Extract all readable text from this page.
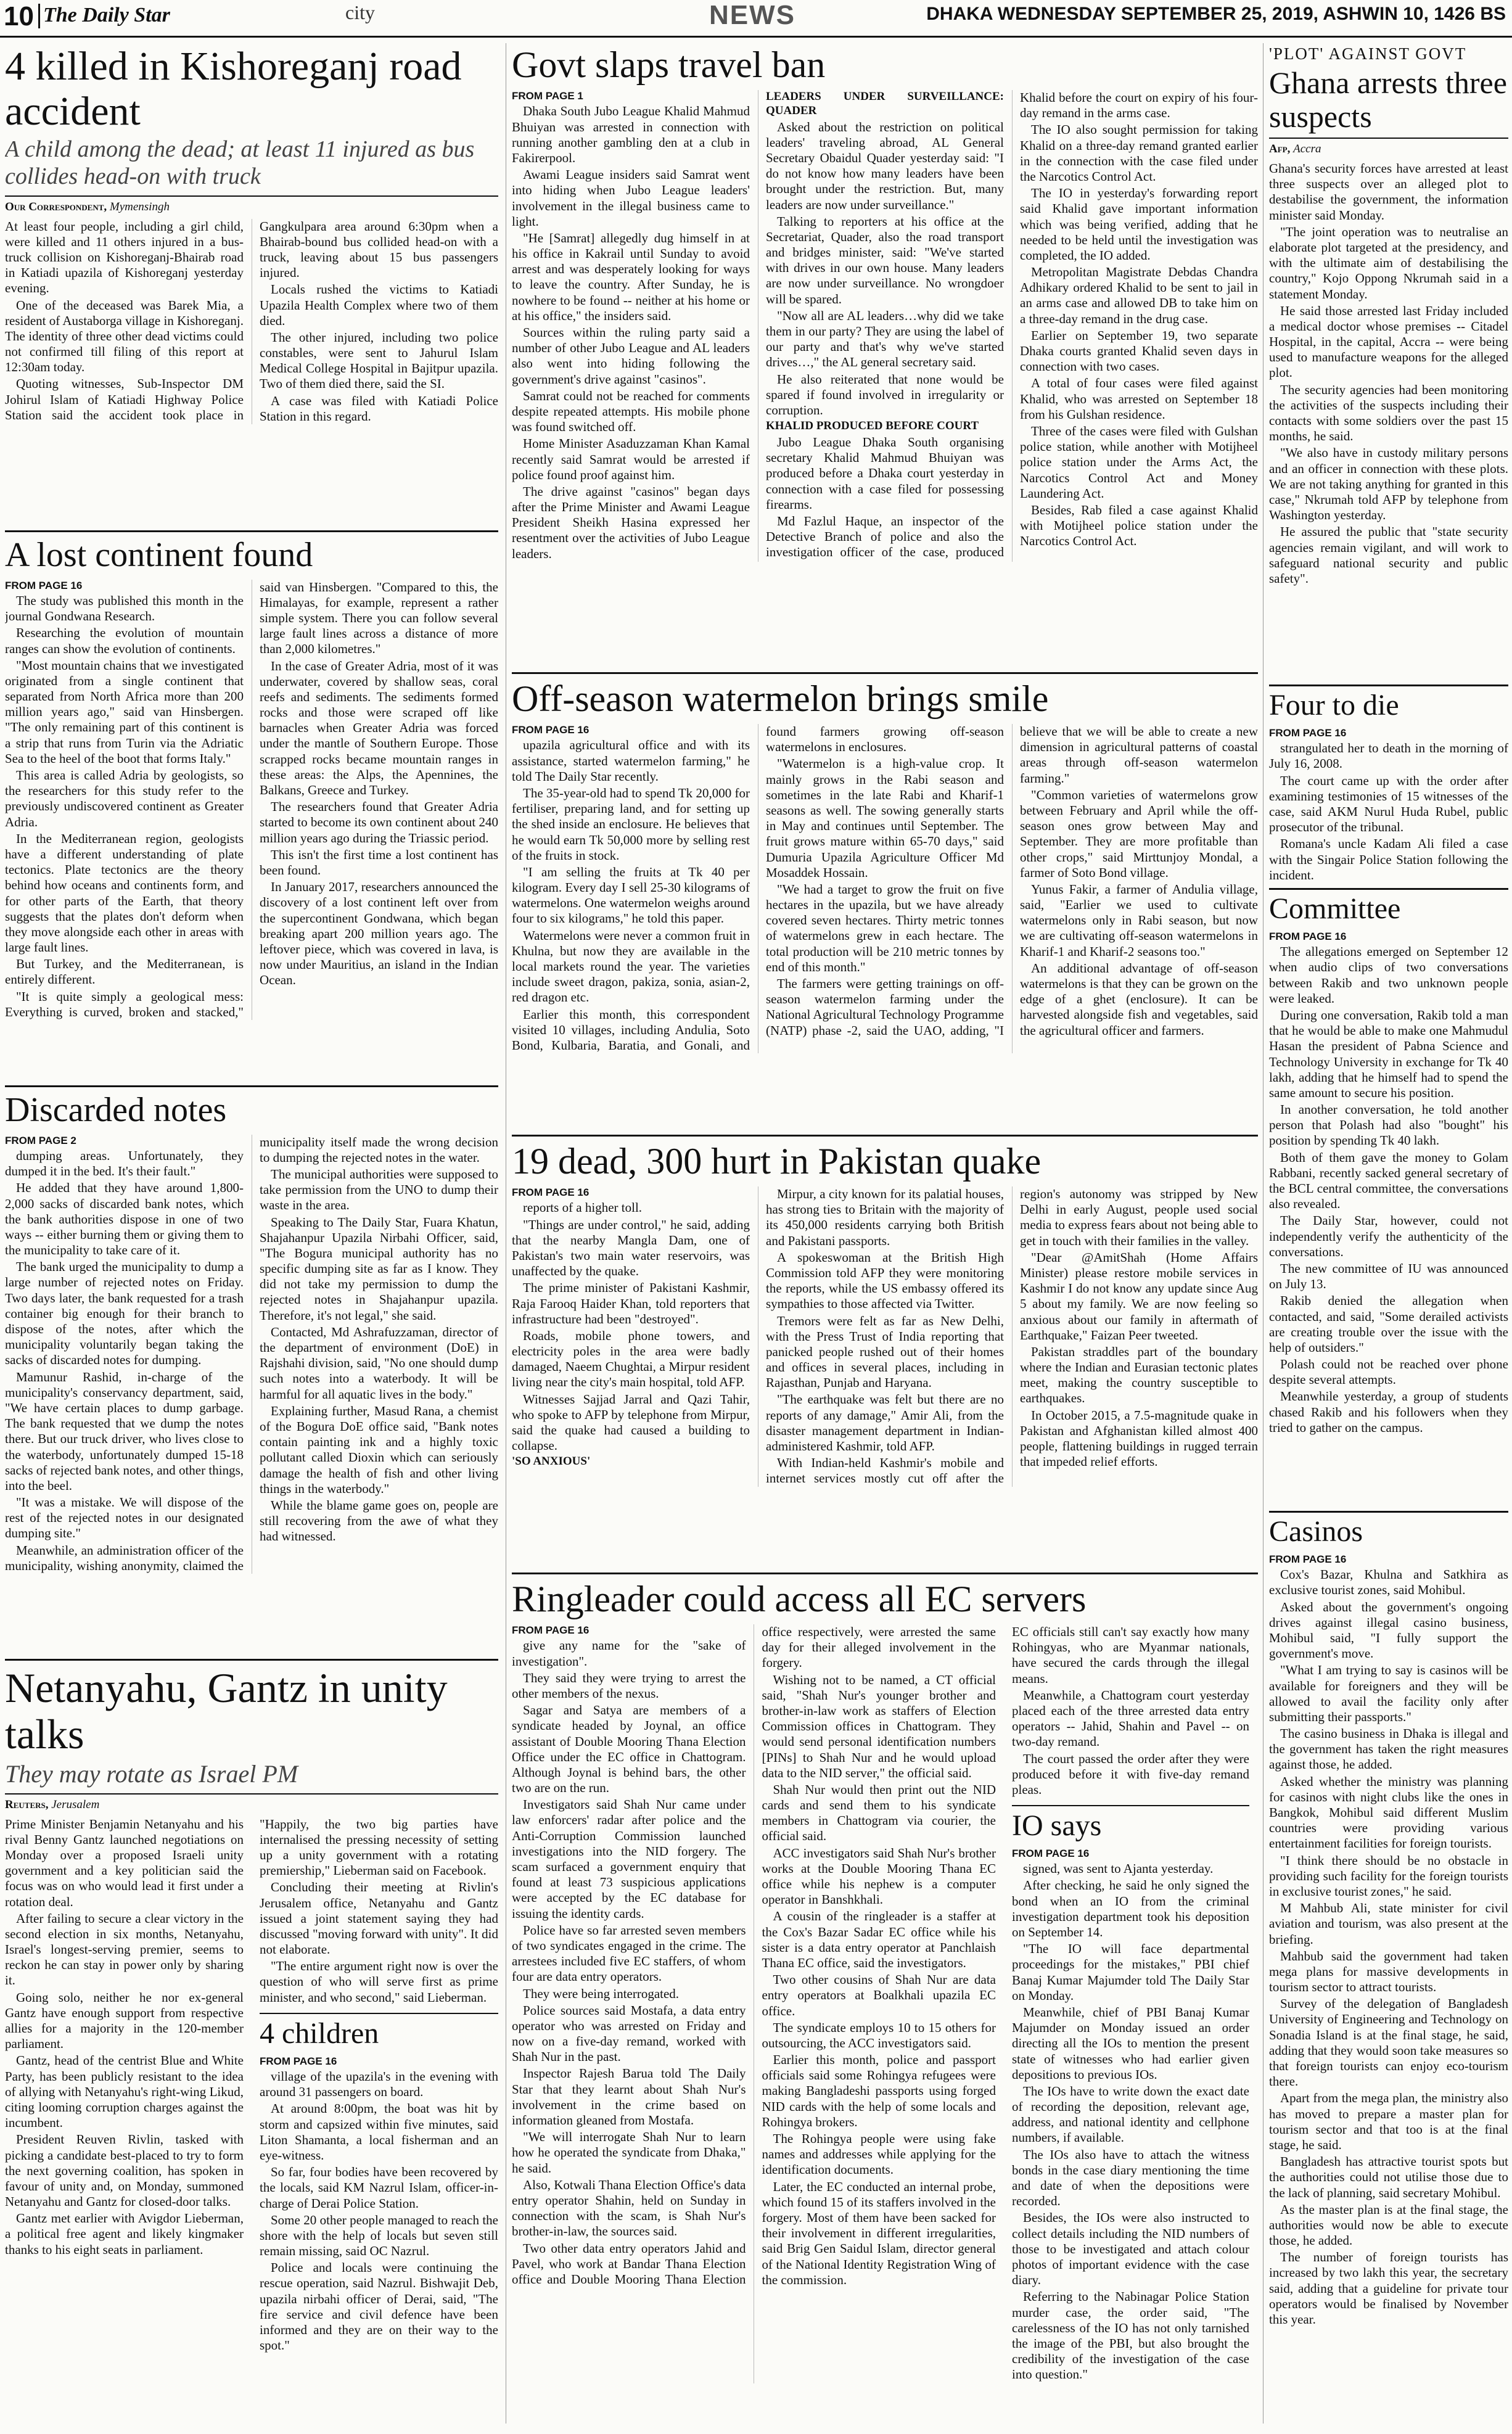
10 The Daily Star	city	NEWS	DHAKA WEDNESDAY SEPTEMBER 25, 2019, ASHWIN 10, 1426 BS
4 killed in Kishoreganj road accident
A child among the dead; at least 11 injured as bus collides head-on with truck
Our Correspondent, Mymensingh

At least four people, including a girl child, were killed and 11 others injured in a bus-truck collision on Kishoreganj-Bhairab road in Katiadi upazila of Kishoreganj yesterday evening.

One of the deceased was Barek Mia, a resident of Austaborga village in Kishoreganj. The identity of three other dead victims could not confirmed till filing of this report at 12:30am today.

Quoting witnesses, Sub-Inspector DM Johirul Islam of Katiadi Highway Police Station said the accident took place in Gangkulpara area around 6:30pm when a Bhairab-bound bus collided head-on with a truck, leaving about 15 bus passengers injured.

Locals rushed the victims to Katiadi Upazila Health Complex where two of them died.

The other injured, including two police constables, were sent to Jahurul Islam Medical College Hospital in Bajitpur upazila. Two of them died there, said the SI.

A case was filed with Katiadi Police Station in this regard.

A lost continent found

FROM PAGE 16

The study was published this month in the journal Gondwana Research.

Researching the evolution of mountain ranges can show the evolution of continents.

"Most mountain chains that we investigated originated from a single continent that separated from North Africa more than 200 million years ago," said van Hinsbergen. "The only remaining part of this continent is a strip that runs from Turin via the Adriatic Sea to the heel of the boot that forms Italy."

This area is called Adria by geologists, so the researchers for this study refer to the previously undiscovered continent as Greater Adria.

In the Mediterranean region, geologists have a different understanding of plate tectonics. Plate tectonics are the theory behind how oceans and continents form, and for other parts of the Earth, that theory suggests that the plates don't deform when they move alongside each other in areas with large fault lines.

But Turkey, and the Mediterranean, is entirely different.

"It is quite simply a geological mess: Everything is curved, broken and stacked," said van Hinsbergen. "Compared to this, the Himalayas, for example, represent a rather simple system. There you can follow several large fault lines across a distance of more than 2,000 kilometres."

In the case of Greater Adria, most of it was underwater, covered by shallow seas, coral reefs and sediments. The sediments formed rocks and those were scraped off like barnacles when Greater Adria was forced under the mantle of Southern Europe. Those scrapped rocks became mountain ranges in these areas: the Alps, the Apennines, the Balkans, Greece and Turkey.

The researchers found that Greater Adria started to become its own continent about 240 million years ago during the Triassic period.

This isn't the first time a lost continent has been found.

In January 2017, researchers announced the discovery of a lost continent left over from the supercontinent Gondwana, which began breaking apart 200 million years ago. The leftover piece, which was covered in lava, is now under Mauritius, an island in the Indian Ocean.

Discarded notes

FROM PAGE 2

dumping areas. Unfortunately, they dumped it in the bed. It's their fault."

He added that they have around 1,800-2,000 sacks of discarded bank notes, which the bank authorities dispose in one of two ways -- either burning them or giving them to the municipality to take care of it.

The bank urged the municipality to dump a large number of rejected notes on Friday. Two days later, the bank requested for a trash container big enough for their branch to dispose of the notes, after which the municipality voluntarily began taking the sacks of discarded notes for dumping.

Mamunur Rashid, in-charge of the municipality's conservancy department, said, "We have certain places to dump garbage. The bank requested that we dump the notes there. But our truck driver, who lives close to the waterbody, unfortunately dumped 15-18 sacks of rejected bank notes, and other things, into the beel.

"It was a mistake. We will dispose of the rest of the rejected notes in our designated dumping site."

Meanwhile, an administration officer of the municipality, wishing anonymity, claimed the municipality itself made the wrong decision to dumping the rejected notes in the water.

The municipal authorities were supposed to take permission from the UNO to dump their waste in the area.

Speaking to The Daily Star, Fuara Khatun, Shajahanpur Upazila Nirbahi Officer, said, "The Bogura municipal authority has no specific dumping site as far as I know. They did not take my permission to dump the rejected notes in Shajahanpur upazila. Therefore, it's not legal," she said.

Contacted, Md Ashrafuzzaman, director of the department of environment (DoE) in Rajshahi division, said, "No one should dump such notes into a waterbody. It will be harmful for all aquatic lives in the body."

Explaining further, Masud Rana, a chemist of the Bogura DoE office said, "Bank notes contain painting ink and a highly toxic pollutant called Dioxin which can seriously damage the health of fish and other living things in the waterbody."

While the blame game goes on, people are still recovering from the awe of what they had witnessed.

Netanyahu, Gantz in unity talks
They may rotate as Israel PM
Reuters, Jerusalem

Prime Minister Benjamin Netanyahu and his rival Benny Gantz launched negotiations on Monday over a proposed Israeli unity government and a key politician said the focus was on who would lead it first under a rotation deal.

After failing to secure a clear victory in the second election in six months, Netanyahu, Israel's longest-serving premier, seems to reckon he can stay in power only by sharing it.

Going solo, neither he nor ex-general Gantz have enough support from respective allies for a majority in the 120-member parliament.

Gantz, head of the centrist Blue and White Party, has been publicly resistant to the idea of allying with Netanyahu's right-wing Likud, citing looming corruption charges against the incumbent.

President Reuven Rivlin, tasked with picking a candidate best-placed to try to form the next governing coalition, has spoken in favour of unity and, on Monday, summoned Netanyahu and Gantz for closed-door talks.

Gantz met earlier with Avigdor Lieberman, a political free agent and likely kingmaker thanks to his eight seats in parliament.

"Happily, the two big parties have internalised the pressing necessity of setting up a unity government with a rotating premiership," Lieberman said on Facebook.

Concluding their meeting at Rivlin's Jerusalem office, Netanyahu and Gantz issued a joint statement saying they had discussed "moving forward with unity". It did not elaborate.

"The entire argument right now is over the question of who will serve first as prime minister, and who second," said Lieberman.

4 children

FROM PAGE 16

village of the upazila's in the evening with around 31 passengers on board.

At around 8:00pm, the boat was hit by storm and capsized within five minutes, said Liton Shamanta, a local fisherman and an eye-witness.

So far, four bodies have been recovered by the locals, said KM Nazrul Islam, officer-in-charge of Derai Police Station.

Some 20 other people managed to reach the shore with the help of locals but seven still remain missing, said OC Nazrul.

Police and locals were continuing the rescue operation, said Nazrul. Bishwajit Deb, upazila nirbahi officer of Derai, said, "The fire service and civil defence have been informed and they are on their way to the spot."

Govt slaps travel ban

FROM PAGE 1

Dhaka South Jubo League Khalid Mahmud Bhuiyan was arrested in connection with running another gambling den at a club in Fakirerpool.

Awami League insiders said Samrat went into hiding when Jubo League leaders' involvement in the illegal business came to light.

"He [Samrat] allegedly dug himself in at his office in Kakrail until Sunday to avoid arrest and was desperately looking for ways to leave the country. After Sunday, he is nowhere to be found -- neither at his home or at his office," the insiders said.

Sources within the ruling party said a number of other Jubo League and AL leaders also went into hiding following the government's drive against "casinos".

Samrat could not be reached for comments despite repeated attempts. His mobile phone was found switched off.

Home Minister Asaduzzaman Khan Kamal recently said Samrat would be arrested if police found proof against him.

The drive against "casinos" began days after the Prime Minister and Awami League President Sheikh Hasina expressed her resentment over the activities of Jubo League leaders.

LEADERS UNDER SURVEILLANCE: QUADER

Asked about the restriction on political leaders' traveling abroad, AL General Secretary Obaidul Quader yesterday said: "I do not know how many leaders have been brought under the restriction. But, many leaders are now under surveillance."

Talking to reporters at his office at the Secretariat, Quader, also the road transport and bridges minister, said: "We've started with drives in our own house. Many leaders are now under surveillance. No wrongdoer will be spared.

"Now all are AL leaders…why did we take them in our party? They are using the label of our party and that's why we've started drives…," the AL general secretary said.

He also reiterated that none would be spared if found involved in irregularity or corruption.

KHALID PRODUCED BEFORE COURT

Jubo League Dhaka South organising secretary Khalid Mahmud Bhuiyan was produced before a Dhaka court yesterday in connection with a case filed for possessing firearms.

Md Fazlul Haque, an inspector of the Detective Branch of police and also the investigation officer of the case, produced Khalid before the court on expiry of his four-day remand in the arms case.

The IO also sought permission for taking Khalid on a three-day remand granted earlier in the connection with the case filed under the Narcotics Control Act.

The IO in yesterday's forwarding report said Khalid gave important information which was being verified, adding that he needed to be held until the investigation was completed, the IO added.

Metropolitan Magistrate Debdas Chandra Adhikary ordered Khalid to be sent to jail in an arms case and allowed DB to take him on a three-day remand in the drug case.

Earlier on September 19, two separate Dhaka courts granted Khalid seven days in connection with two cases.

A total of four cases were filed against Khalid, who was arrested on September 18 from his Gulshan residence.

Three of the cases were filed with Gulshan police station, while another with Motijheel police station under the Arms Act, the Narcotics Control Act and Money Laundering Act.

Besides, Rab filed a case against Khalid with Motijheel police station under the Narcotics Control Act.

Off-season watermelon brings smile

FROM PAGE 16

upazila agricultural office and with its assistance, started watermelon farming," he told The Daily Star recently.

The 35-year-old had to spend Tk 20,000 for fertiliser, preparing land, and for setting up the shed inside an enclosure. He believes that he would earn Tk 50,000 more by selling rest of the fruits in stock.

"I am selling the fruits at Tk 40 per kilogram. Every day I sell 25-30 kilograms of watermelons. One watermelon weighs around four to six kilograms," he told this paper.

Watermelons were never a common fruit in Khulna, but now they are available in the local markets round the year. The varieties include sweet dragon, pakiza, sonia, asian-2, red dragon etc.

Earlier this month, this correspondent visited 10 villages, including Andulia, Soto Bond, Kulbaria, Baratia, and Gonali, and found farmers growing off-season watermelons in enclosures.

"Watermelon is a high-value crop. It mainly grows in the Rabi season and sometimes in the late Rabi and Kharif-1 seasons as well. The sowing generally starts in May and continues until September. The fruit grows mature within 65-70 days," said Dumuria Upazila Agriculture Officer Md Mosaddek Hossain.

"We had a target to grow the fruit on five hectares in the upazila, but we have already covered seven hectares. Thirty metric tonnes of watermelons grew in each hectare. The total production will be 210 metric tonnes by end of this month."

The farmers were getting trainings on off-season watermelon farming under the National Agricultural Technology Programme (NATP) phase -2, said the UAO, adding, "I believe that we will be able to create a new dimension in agricultural patterns of coastal areas through off-season watermelon farming."

"Common varieties of watermelons grow between February and April while the off-season ones grow between May and September. They are more profitable than other crops," said Mirttunjoy Mondal, a farmer of Soto Bond village.

Yunus Fakir, a farmer of Andulia village, said, "Earlier we used to cultivate watermelons only in Rabi season, but now we are cultivating off-season watermelons in Kharif-1 and Kharif-2 seasons too."

An additional advantage of off-season watermelons is that they can be grown on the edge of a ghet (enclosure). It can be harvested alongside fish and vegetables, said the agricultural officer and farmers.

19 dead, 300 hurt in Pakistan quake

FROM PAGE 16

reports of a higher toll.

"Things are under control," he said, adding that the nearby Mangla Dam, one of Pakistan's two main water reservoirs, was unaffected by the quake.

The prime minister of Pakistani Kashmir, Raja Farooq Haider Khan, told reporters that infrastructure had been "destroyed".

Roads, mobile phone towers, and electricity poles in the area were badly damaged, Naeem Chughtai, a Mirpur resident living near the city's main hospital, told AFP.

Witnesses Sajjad Jarral and Qazi Tahir, who spoke to AFP by telephone from Mirpur, said the quake had caused a building to collapse.

'SO ANXIOUS'

Mirpur, a city known for its palatial houses, has strong ties to Britain with the majority of its 450,000 residents carrying both British and Pakistani passports.

A spokeswoman at the British High Commission told AFP they were monitoring the reports, while the US embassy offered its sympathies to those affected via Twitter.

Tremors were felt as far as New Delhi, with the Press Trust of India reporting that panicked people rushed out of their homes and offices in several places, including in Rajasthan, Punjab and Haryana.

"The earthquake was felt but there are no reports of any damage," Amir Ali, from the disaster management department in Indian-administered Kashmir, told AFP.

With Indian-held Kashmir's mobile and internet services mostly cut off after the region's autonomy was stripped by New Delhi in early August, people used social media to express fears about not being able to get in touch with their families in the valley.

"Dear @AmitShah (Home Affairs Minister) please restore mobile services in Kashmir I do not know any update since Aug 5 about my family. We are now feeling so anxious about our family in aftermath of Earthquake," Faizan Peer tweeted.

Pakistan straddles part of the boundary where the Indian and Eurasian tectonic plates meet, making the country susceptible to earthquakes.

In October 2015, a 7.5-magnitude quake in Pakistan and Afghanistan killed almost 400 people, flattening buildings in rugged terrain that impeded relief efforts.

Ringleader could access all EC servers

FROM PAGE 16

give any name for the "sake of investigation".

They said they were trying to arrest the other members of the nexus.

Sagar and Satya are members of a syndicate headed by Joynal, an office assistant of Double Mooring Thana Election Office under the EC office in Chattogram. Although Joynal is behind bars, the other two are on the run.

Investigators said Shah Nur came under law enforcers' radar after police and the Anti-Corruption Commission launched investigations into the NID forgery. The scam surfaced a government enquiry that found at least 73 suspicious applications were accepted by the EC database for issuing the identity cards.

Police have so far arrested seven members of two syndicates engaged in the crime. The arrestees included five EC staffers, of whom four are data entry operators.

They were being interrogated.

Police sources said Mostafa, a data entry operator who was arrested on Friday and now on a five-day remand, worked with Shah Nur in the past.

Inspector Rajesh Barua told The Daily Star that they learnt about Shah Nur's involvement in the crime based on information gleaned from Mostafa.

"We will interrogate Shah Nur to learn how he operated the syndicate from Dhaka," he said.

Also, Kotwali Thana Election Office's data entry operator Shahin, held on Sunday in connection with the scam, is Shah Nur's brother-in-law, the sources said.

Two other data entry operators Jahid and Pavel, who work at Bandar Thana Election office and Double Mooring Thana Election office respectively, were arrested the same day for their alleged involvement in the forgery.

Wishing not to be named, a CT official said, "Shah Nur's younger brother and brother-in-law work as staffers of Election Commission offices in Chattogram. They would send personal identification numbers [PINs] to Shah Nur and he would upload data to the NID server," the official said.

Shah Nur would then print out the NID cards and send them to his syndicate members in Chattogram via courier, the official said.

ACC investigators said Shah Nur's brother works at the Double Mooring Thana EC office while his nephew is a computer operator in Banshkhali.

A cousin of the ringleader is a staffer at the Cox's Bazar Sadar EC office while his sister is a data entry operator at Panchlaish Thana EC office, said the investigators.

Two other cousins of Shah Nur are data entry operators at Boalkhali upazila EC office.

The syndicate employs 10 to 15 others for outsourcing, the ACC investigators said.

Earlier this month, police and passport officials said some Rohingya refugees were making Bangladeshi passports using forged NID cards with the help of some locals and Rohingya brokers.

The Rohingya people were using fake names and addresses while applying for the identification documents.

Later, the EC conducted an internal probe, which found 15 of its staffers involved in the forgery. Most of them have been sacked for their involvement in different irregularities, said Brig Gen Saidul Islam, director general of the National Identity Registration Wing of the commission.

EC officials still can't say exactly how many Rohingyas, who are Myanmar nationals, have secured the cards through the illegal means.

Meanwhile, a Chattogram court yesterday placed each of the three arrested data entry operators -- Jahid, Shahin and Pavel -- on two-day remand.

The court passed the order after they were produced before it with five-day remand pleas.

IO says

FROM PAGE 16

signed, was sent to Ajanta yesterday.

After checking, he said he only signed the bond when an IO from the criminal investigation department took his deposition on September 14.

"The IO will face departmental proceedings for the mistakes," PBI chief Banaj Kumar Majumder told The Daily Star on Monday.

Meanwhile, chief of PBI Banaj Kumar Majumder on Monday issued an order directing all the IOs to mention the present state of witnesses who had earlier given depositions to previous IOs.

The IOs have to write down the exact date of recording the deposition, relevant age, address, and national identity and cellphone numbers, if available.

The IOs also have to attach the witness bonds in the case diary mentioning the time and date of when the depositions were recorded.

Besides, the IOs were also instructed to collect details including the NID numbers of those to be investigated and attach colour photos of important evidence with the case diary.

Referring to the Nabinagar Police Station murder case, the order said, "The carelessness of the IO has not only tarnished the image of the PBI, but also brought the credibility of the investigation of the case into question."

'PLOT' AGAINST GOVT
Ghana arrests three suspects
Afp, Accra

Ghana's security forces have arrested at least three suspects over an alleged plot to destabilise the government, the information minister said Monday.

"The joint operation was to neutralise an elaborate plot targeted at the presidency, and with the ultimate aim of destabilising the country," Kojo Oppong Nkrumah said in a statement Monday.

He said those arrested last Friday included a medical doctor whose premises -- Citadel Hospital, in the capital, Accra -- were being used to manufacture weapons for the alleged plot.

The security agencies had been monitoring the activities of the suspects including their contacts with some soldiers over the past 15 months, he said.

"We also have in custody military persons and an officer in connection with these plots. We are not taking anything for granted in this case," Nkrumah told AFP by telephone from Washington yesterday.

He assured the public that "state security agencies remain vigilant, and will work to safeguard national security and public safety".

Four to die

FROM PAGE 16

strangulated her to death in the morning of July 16, 2008.

The court came up with the order after examining testimonies of 15 witnesses of the case, said AKM Nurul Huda Rubel, public prosecutor of the tribunal.

Romana's uncle Kadam Ali filed a case with the Singair Police Station following the incident.

Committee

FROM PAGE 16

The allegations emerged on September 12 when audio clips of two conversations between Rakib and two unknown people were leaked.

During one conversation, Rakib told a man that he would be able to make one Mahmudul Hasan the president of Pabna Science and Technology University in exchange for Tk 40 lakh, adding that he himself had to spend the same amount to secure his position.

In another conversation, he told another person that Polash had also "bought" his position by spending Tk 40 lakh.

Both of them gave the money to Golam Rabbani, recently sacked general secretary of the BCL central committee, the conversations also revealed.

The Daily Star, however, could not independently verify the authenticity of the conversations.

The new committee of IU was announced on July 13.

Rakib denied the allegation when contacted, and said, "Some derailed activists are creating trouble over the issue with the help of outsiders."

Polash could not be reached over phone despite several attempts.

Meanwhile yesterday, a group of students chased Rakib and his followers when they tried to gather on the campus.

Casinos

FROM PAGE 16

Cox's Bazar, Khulna and Satkhira as exclusive tourist zones, said Mohibul.

Asked about the government's ongoing drives against illegal casino business, Mohibul said, "I fully support the government's move.

"What I am trying to say is casinos will be available for foreigners and they will be allowed to avail the facility only after submitting their passports."

The casino business in Dhaka is illegal and the government has taken the right measures against those, he added.

Asked whether the ministry was planning for casinos with night clubs like the ones in Bangkok, Mohibul said different Muslim countries were providing various entertainment facilities for foreign tourists.

"I think there should be no obstacle in providing such facility for the foreign tourists in exclusive tourist zones," he said.

M Mahbub Ali, state minister for civil aviation and tourism, was also present at the briefing.

Mahbub said the government had taken mega plans for massive developments in tourism sector to attract tourists.

Survey of the delegation of Bangladesh University of Engineering and Technology on Sonadia Island is at the final stage, he said, adding that they would soon take measures so that foreign tourists can enjoy eco-tourism there.

Apart from the mega plan, the ministry also has moved to prepare a master plan for tourism sector and that too is at the final stage, he said.

Bangladesh has attractive tourist spots but the authorities could not utilise those due to the lack of planning, said secretary Mohibul.

As the master plan is at the final stage, the authorities would now be able to execute those, he added.

The number of foreign tourists has increased by two lakh this year, the secretary said, adding that a guideline for private tour operators would be finalised by November this year.
